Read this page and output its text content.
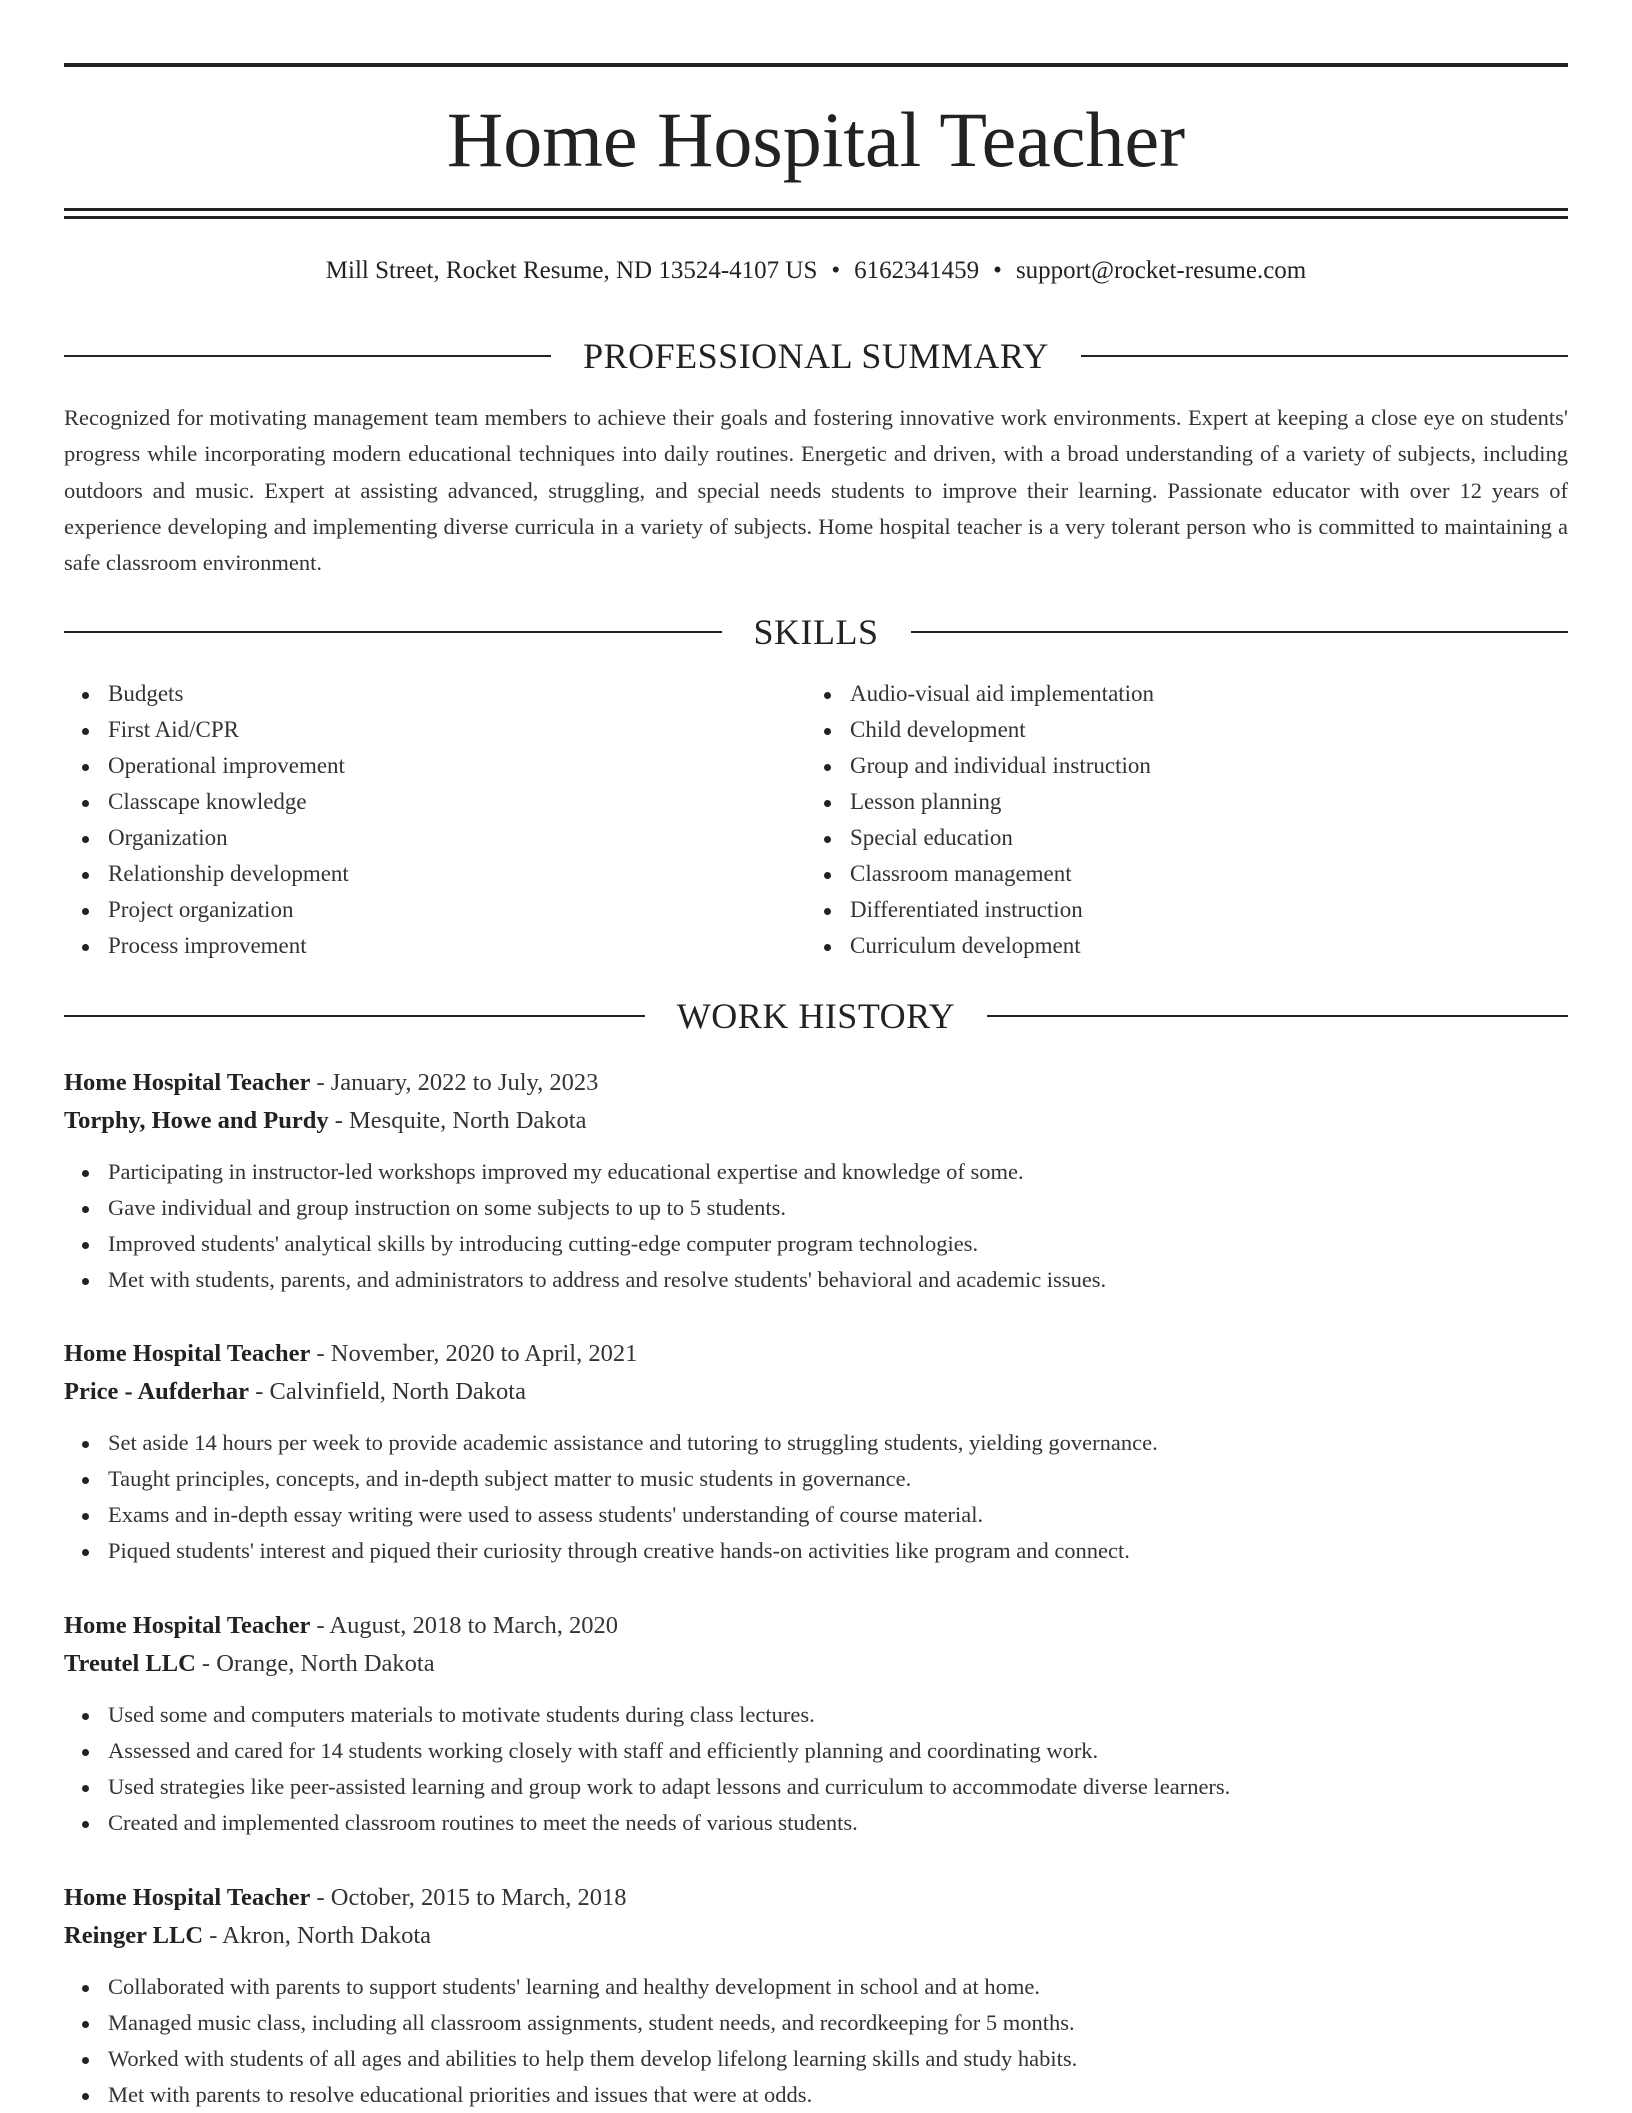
Home Hospital Teacher
Mill Street, Rocket Resume, ND 13524-4107 US • 6162341459 • support@rocket-resume.com
PROFESSIONAL SUMMARY

Recognized for motivating management team members to achieve their goals and fostering innovative work environments. Expert at keeping a close eye on students' progress while incorporating modern educational techniques into daily routines. Energetic and driven, with a broad understanding of a variety of subjects, including outdoors and music. Expert at assisting advanced, struggling, and special needs students to improve their learning. Passionate educator with over 12 years of experience developing and implementing diverse curricula in a variety of subjects. Home hospital teacher is a very tolerant person who is committed to maintaining a safe classroom environment.

SKILLS
Budgets
First Aid/CPR
Operational improvement
Classcape knowledge
Organization
Relationship development
Project organization
Process improvement
Audio-visual aid implementation
Child development
Group and individual instruction
Lesson planning
Special education
Classroom management
Differentiated instruction
Curriculum development
WORK HISTORY
Home Hospital Teacher - January, 2022 to July, 2023
Torphy, Howe and Purdy - Mesquite, North Dakota
Participating in instructor-led workshops improved my educational expertise and knowledge of some.
Gave individual and group instruction on some subjects to up to 5 students.
Improved students' analytical skills by introducing cutting-edge computer program technologies.
Met with students, parents, and administrators to address and resolve students' behavioral and academic issues.
Home Hospital Teacher - November, 2020 to April, 2021
Price - Aufderhar - Calvinfield, North Dakota
Set aside 14 hours per week to provide academic assistance and tutoring to struggling students, yielding governance.
Taught principles, concepts, and in-depth subject matter to music students in governance.
Exams and in-depth essay writing were used to assess students' understanding of course material.
Piqued students' interest and piqued their curiosity through creative hands-on activities like program and connect.
Home Hospital Teacher - August, 2018 to March, 2020
Treutel LLC - Orange, North Dakota
Used some and computers materials to motivate students during class lectures.
Assessed and cared for 14 students working closely with staff and efficiently planning and coordinating work.
Used strategies like peer-assisted learning and group work to adapt lessons and curriculum to accommodate diverse learners.
Created and implemented classroom routines to meet the needs of various students.
Home Hospital Teacher - October, 2015 to March, 2018
Reinger LLC - Akron, North Dakota
Collaborated with parents to support students' learning and healthy development in school and at home.
Managed music class, including all classroom assignments, student needs, and recordkeeping for 5 months.
Worked with students of all ages and abilities to help them develop lifelong learning skills and study habits.
Met with parents to resolve educational priorities and issues that were at odds.
